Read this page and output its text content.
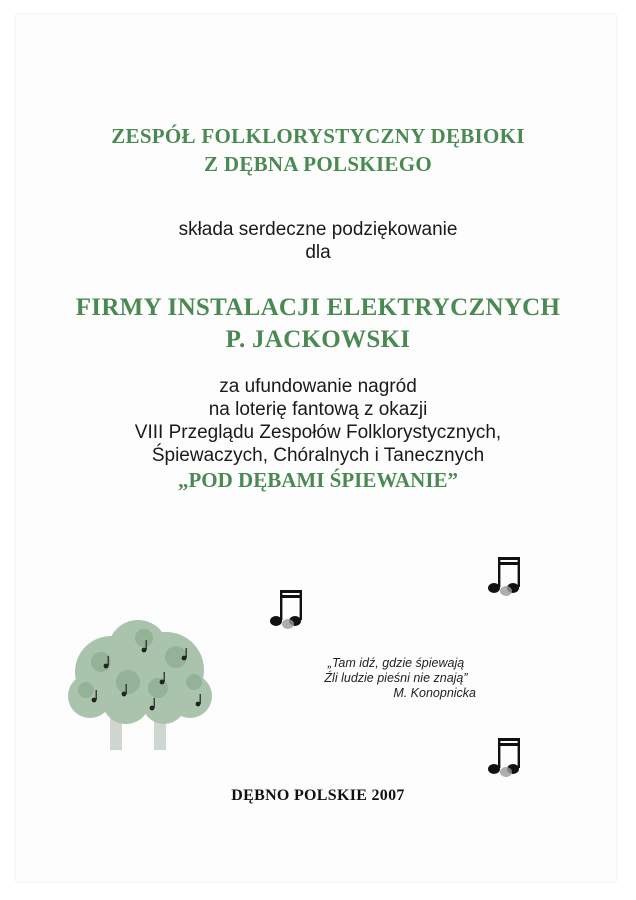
ZESPÓŁ FOLKLORYSTYCZNY DĘBIOKI
Z DĘBNA POLSKIEGO
składa serdeczne podziękowanie
dla
FIRMY INSTALACJI ELEKTRYCZNYCH
P. JACKOWSKI
za ufundowanie nagród
na loterię fantową z okazji
VIII Przeglądu Zespołów Folklorystycznych,
Śpiewaczych, Chóralnych i Tanecznych
„POD DĘBAMI ŚPIEWANIE”
„Tam idź, gdzie śpiewają
Źli ludzie pieśni nie znają”
M. Konopnicka
DĘBNO POLSKIE 2007
